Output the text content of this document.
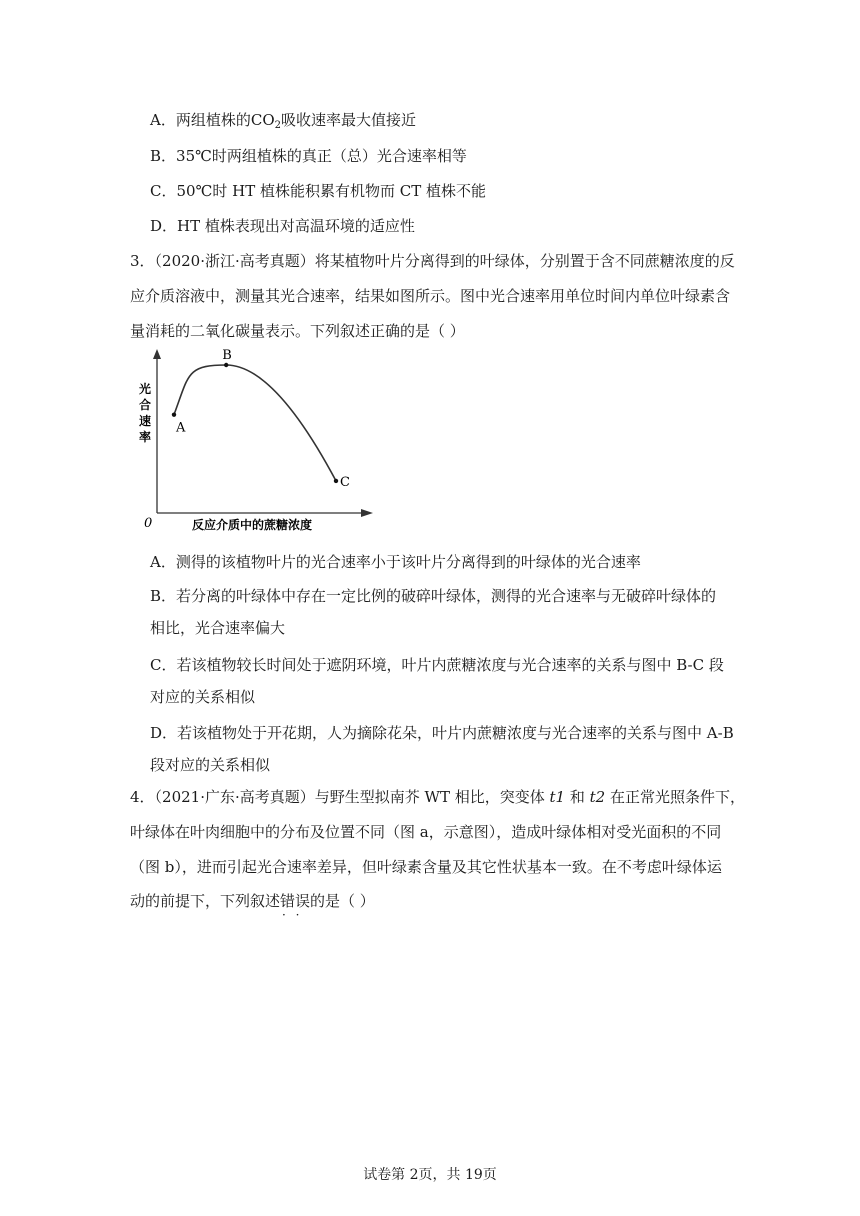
A．两组植株的$CO_2$吸收速率最大值接近
B．35℃时两组植株的真正（总）光合速率相等
C．50℃时 HT 植株能积累有机物而 CT 植株不能
D．HT 植株表现出对高温环境的适应性
3．（2020·浙江·高考真题）将某植物叶片分离得到的叶绿体，分别置于含不同蔗糖浓度的反
应介质溶液中，测量其光合速率，结果如图所示。图中光合速率用单位时间内单位叶绿素含
量消耗的二氧化碳量表示。下列叙述正确的是（ ）
A
B
C
光合速率
反应介质中的蔗糖浓度
0
A．测得的该植物叶片的光合速率小于该叶片分离得到的叶绿体的光合速率
B．若分离的叶绿体中存在一定比例的破碎叶绿体，测得的光合速率与无破碎叶绿体的
相比，光合速率偏大
C．若该植物较长时间处于遮阴环境，叶片内蔗糖浓度与光合速率的关系与图中 B-C 段
对应的关系相似
D．若该植物处于开花期，人为摘除花朵，叶片内蔗糖浓度与光合速率的关系与图中 A-B
段对应的关系相似
4．（2021·广东·高考真题）与野生型拟南芥 WT 相比，突变体 t1 和 t2 在正常光照条件下，
叶绿体在叶肉细胞中的分布及位置不同（图 a，示意图），造成叶绿体相对受光面积的不同
（图 b），进而引起光合速率差异，但叶绿素含量及其它性状基本一致。在不考虑叶绿体运
动的前提下，下列叙述错误 · ·的是（ ）
试卷第 2页，共 19页
